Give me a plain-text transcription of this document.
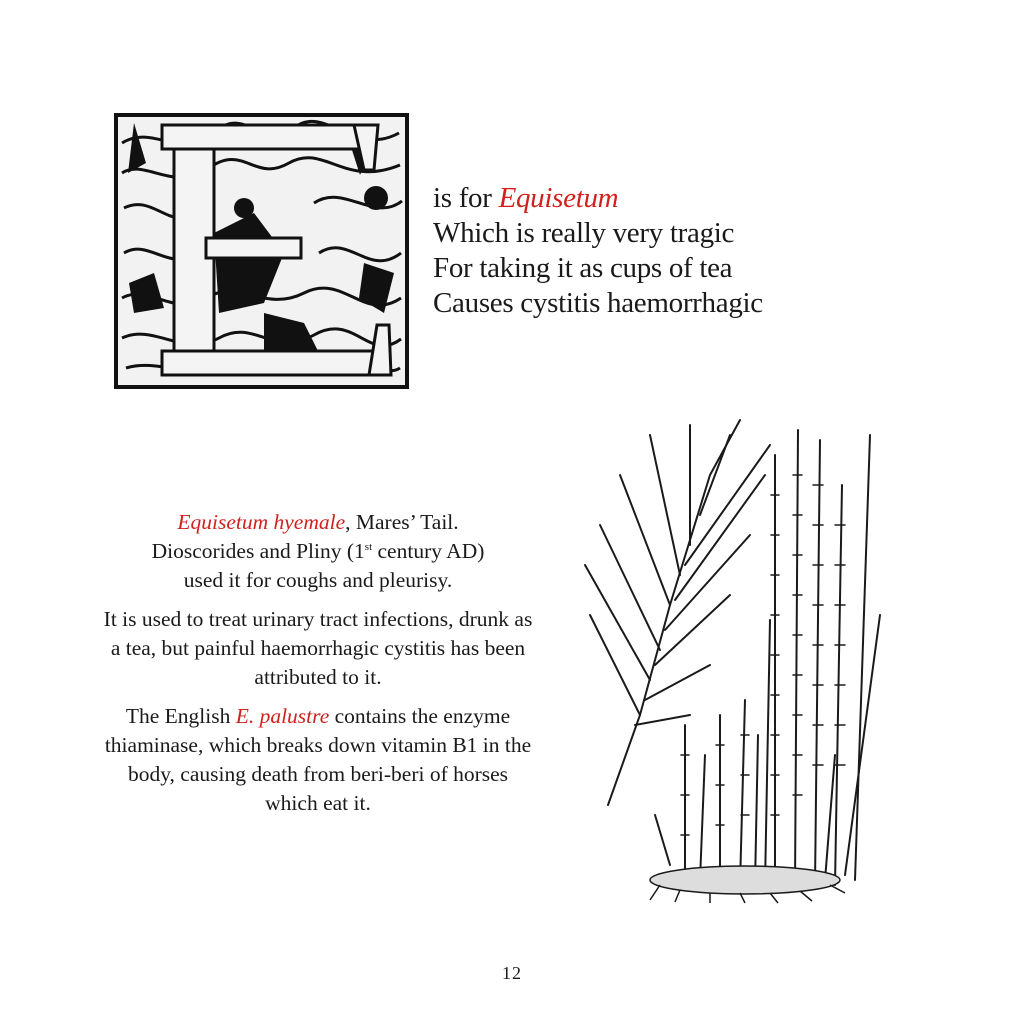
is for Equisetum
Which is really very tragic
For taking it as cups of tea
Causes cystitis haemorrhagic

Equisetum hyemale, Mares’ Tail.
Dioscorides and Pliny (1st century AD)
used it for coughs and pleurisy.

It is used to treat urinary tract infections, drunk as a tea, but painful haemorrhagic cystitis has been attributed to it.

The English E. palustre contains the enzyme thiaminase, which breaks down vitamin B1 in the body, causing death from beri-beri of horses which eat it.

12
